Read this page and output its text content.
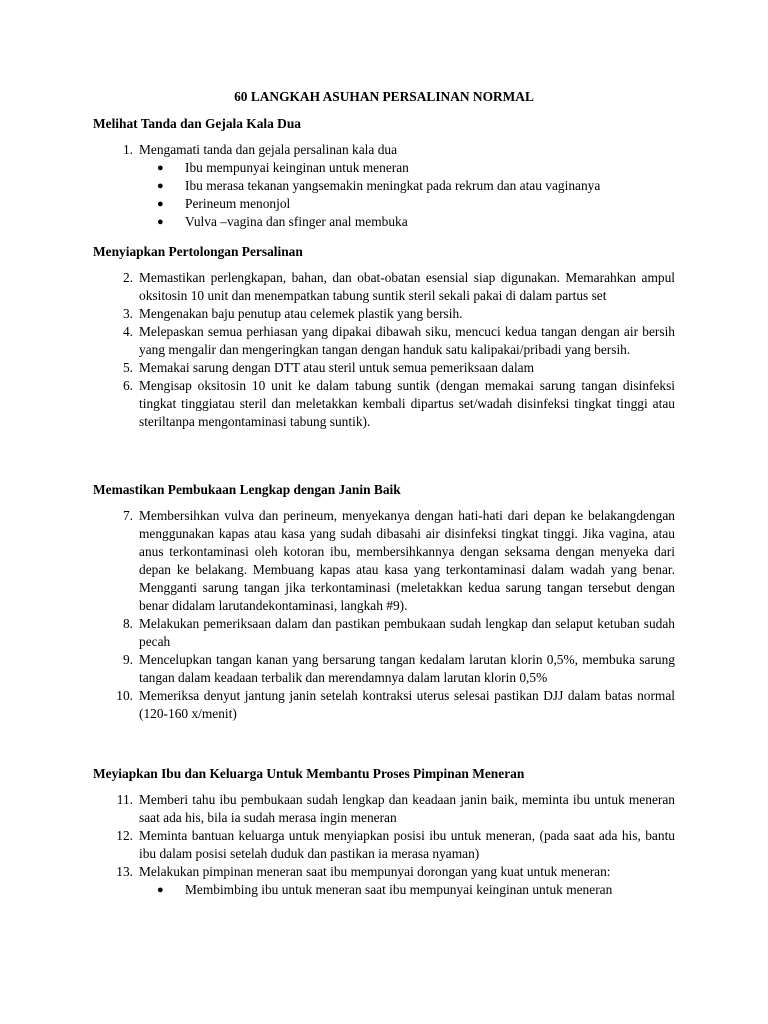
60 LANGKAH ASUHAN PERSALINAN NORMAL
Melihat Tanda dan Gejala Kala Dua
1. Mengamati tanda dan gejala persalinan kala dua
● Ibu mempunyai keinginan untuk meneran
● Ibu merasa tekanan yangsemakin meningkat pada rekrum dan atau vaginanya
● Perineum menonjol
● Vulva –vagina dan sfinger anal membuka
Menyiapkan Pertolongan Persalinan
2. Memastikan perlengkapan, bahan, dan obat-obatan esensial siap digunakan. Memarahkan ampul oksitosin 10 unit dan menempatkan tabung suntik steril sekali pakai di dalam partus set
3. Mengenakan baju penutup atau celemek plastik yang bersih.
4. Melepaskan semua perhiasan yang dipakai dibawah siku, mencuci kedua tangan dengan air bersih yang mengalir dan mengeringkan tangan dengan handuk satu kalipakai/pribadi yang bersih.
5. Memakai sarung dengan DTT atau steril untuk semua pemeriksaan dalam
6. Mengisap oksitosin 10 unit ke dalam tabung suntik (dengan memakai sarung tangan disinfeksi tingkat tinggiatau steril dan meletakkan kembali dipartus set/wadah disinfeksi tingkat tinggi atau steriltanpa mengontaminasi tabung suntik).
Memastikan Pembukaan Lengkap dengan Janin Baik
7. Membersihkan vulva dan perineum, menyekanya dengan hati-hati dari depan ke belakangdengan menggunakan kapas atau kasa yang sudah dibasahi air disinfeksi tingkat tinggi. Jika vagina, atau anus terkontaminasi oleh kotoran ibu, membersihkannya dengan seksama dengan menyeka dari depan ke belakang. Membuang kapas atau kasa yang terkontaminasi dalam wadah yang benar. Mengganti sarung tangan jika terkontaminasi (meletakkan kedua sarung tangan tersebut dengan benar didalam larutandekontaminasi, langkah #9).
8. Melakukan pemeriksaan dalam dan pastikan pembukaan sudah lengkap dan selaput ketuban sudah pecah
9. Mencelupkan tangan kanan yang bersarung tangan kedalam larutan klorin 0,5%, membuka sarung tangan dalam keadaan terbalik dan merendamnya dalam larutan klorin 0,5%
10. Memeriksa denyut jantung janin setelah kontraksi uterus selesai pastikan DJJ dalam batas normal (120-160 x/menit)
Meyiapkan Ibu dan Keluarga Untuk Membantu Proses Pimpinan Meneran
11. Memberi tahu ibu pembukaan sudah lengkap dan keadaan janin baik, meminta ibu untuk meneran saat ada his, bila ia sudah merasa ingin meneran
12. Meminta bantuan keluarga untuk menyiapkan posisi ibu untuk meneran, (pada saat ada his, bantu ibu dalam posisi setelah duduk dan pastikan ia merasa nyaman)
13. Melakukan pimpinan meneran saat ibu mempunyai dorongan yang kuat untuk meneran:
● Membimbing ibu untuk meneran saat ibu mempunyai keinginan untuk meneran
